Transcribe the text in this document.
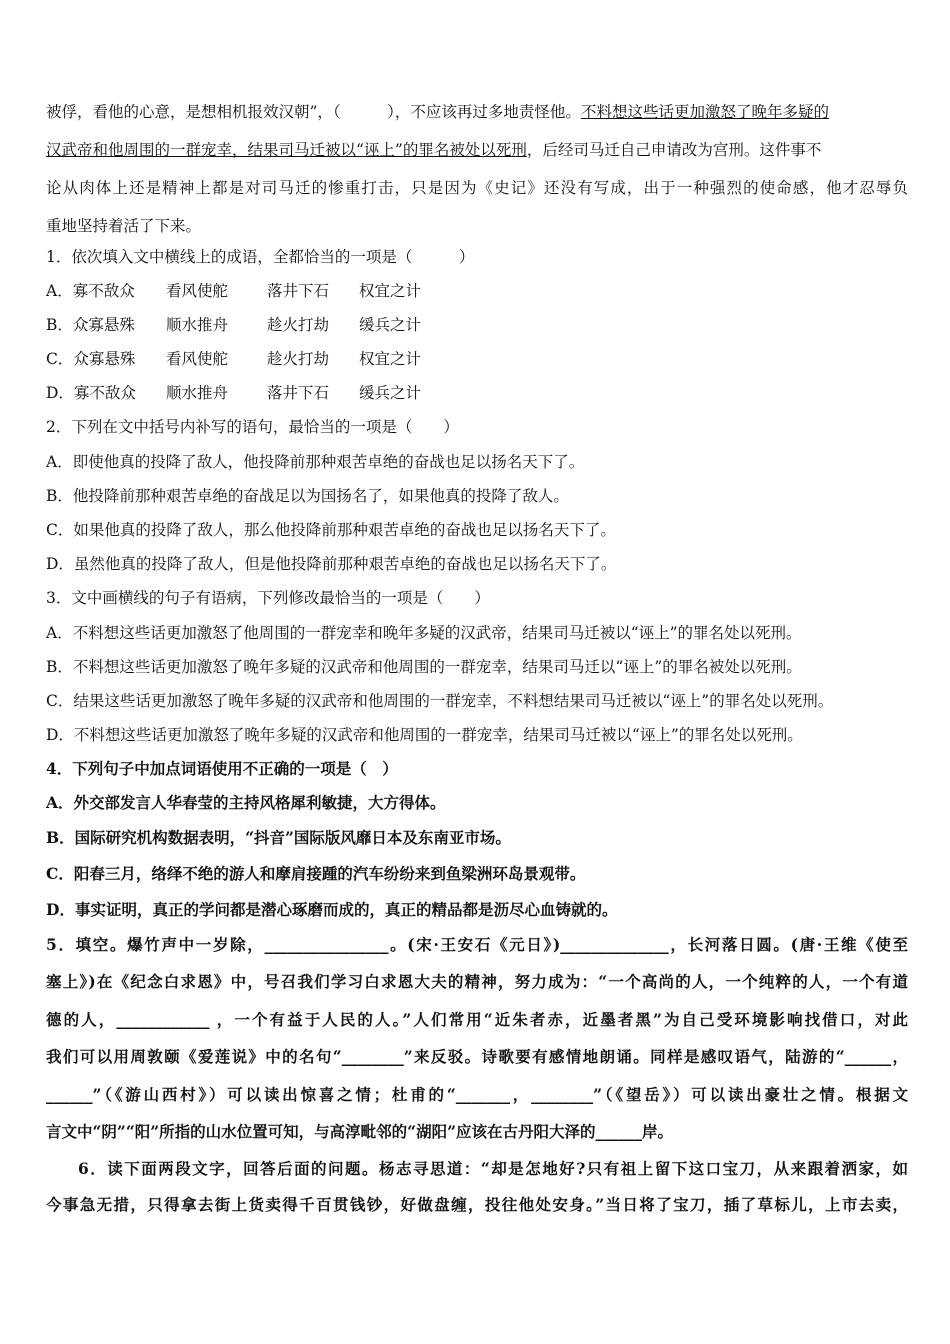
被俘，看他的心意，是想相机报效汉朝”，（　　　），不应该再过多地责怪他。不料想这些话更加激怒了晚年多疑的
汉武帝和他周围的一群宠幸，结果司马迁被以“诬上”的罪名被处以死刑，后经司马迁自己申请改为宫刑。这件事不
论从肉体上还是精神上都是对司马迁的惨重打击，只是因为《史记》还没有写成，出于一种强烈的使命感，他才忍辱负
重地坚持着活了下来。
1．依次填入文中横线上的成语，全都恰当的一项是（　　　）
A．寡不敌众 看风使舵	落井下石 权宜之计
B．众寡悬殊 顺水推舟	趁火打劫 缓兵之计
C．众寡悬殊 看风使舵	趁火打劫 权宜之计
D．寡不敌众 顺水推舟	落井下石 缓兵之计
2．下列在文中括号内补写的语句，最恰当的一项是（　　）
A．即使他真的投降了敌人，他投降前那种艰苦卓绝的奋战也足以扬名天下了。
B．他投降前那种艰苦卓绝的奋战足以为国扬名了，如果他真的投降了敌人。
C．如果他真的投降了敌人，那么他投降前那种艰苦卓绝的奋战也足以扬名天下了。
D．虽然他真的投降了敌人，但是他投降前那种艰苦卓绝的奋战也足以扬名天下了。
3．文中画横线的句子有语病，下列修改最恰当的一项是（　　）
A．不料想这些话更加激怒了他周围的一群宠幸和晚年多疑的汉武帝，结果司马迁被以“诬上”的罪名处以死刑。
B．不料想这些话更加激怒了晚年多疑的汉武帝和他周围的一群宠幸，结果司马迁以“诬上”的罪名被处以死刑。
C．结果这些话更加激怒了晚年多疑的汉武帝和他周围的一群宠幸，不料想结果司马迁被以“诬上”的罪名处以死刑。
D．不料想这些话更加激怒了晚年多疑的汉武帝和他周围的一群宠幸，结果司马迁被以“诬上”的罪名处以死刑。
4．下列句子中加点词语使用不正确的一项是（　）
A．外交部发言人华春莹的主持风格犀利敏捷，大方得体。
B．国际研究机构数据表明，“抖音”国际版风靡日本及东南亚市场。
C．阳春三月，络绎不绝的游人和摩肩接踵的汽车纷纷来到鱼梁洲环岛景观带。
D．事实证明，真正的学问都是潜心琢磨而成的，真正的精品都是沥尽心血铸就的。
5．填空。爆竹声中一岁除，________________。(宋·王安石《元日》)______________，长河落日圆。(唐·王维《使至
塞上》)在《纪念白求恩》中，号召我们学习白求恩大夫的精神，努力成为：“一个高尚的人，一个纯粹的人，一个有道
德的人，____________ ，一个有益于人民的人。”人们常用“近朱者赤，近墨者黑”为自己受环境影响找借口，对此
我们可以用周敦颐《爱莲说》中的名句“________”来反驳。诗歌要有感情地朗诵。同样是感叹语气，陆游的“______，
______”（《游山西村》）可以读出惊喜之情；杜甫的“_______，________”（《望岳》）可以读出豪壮之情。根据文
言文中“阴”“阳”所指的山水位置可知，与高淳毗邻的“湖阳”应该在古丹阳大泽的______岸。
6．读下面两段文字，回答后面的问题。杨志寻思道：“却是怎地好?只有祖上留下这口宝刀，从来跟着洒家，如
今事急无措，只得拿去街上货卖得千百贯钱钞，好做盘缠，投往他处安身。”当日将了宝刀，插了草标儿，上市去卖，
